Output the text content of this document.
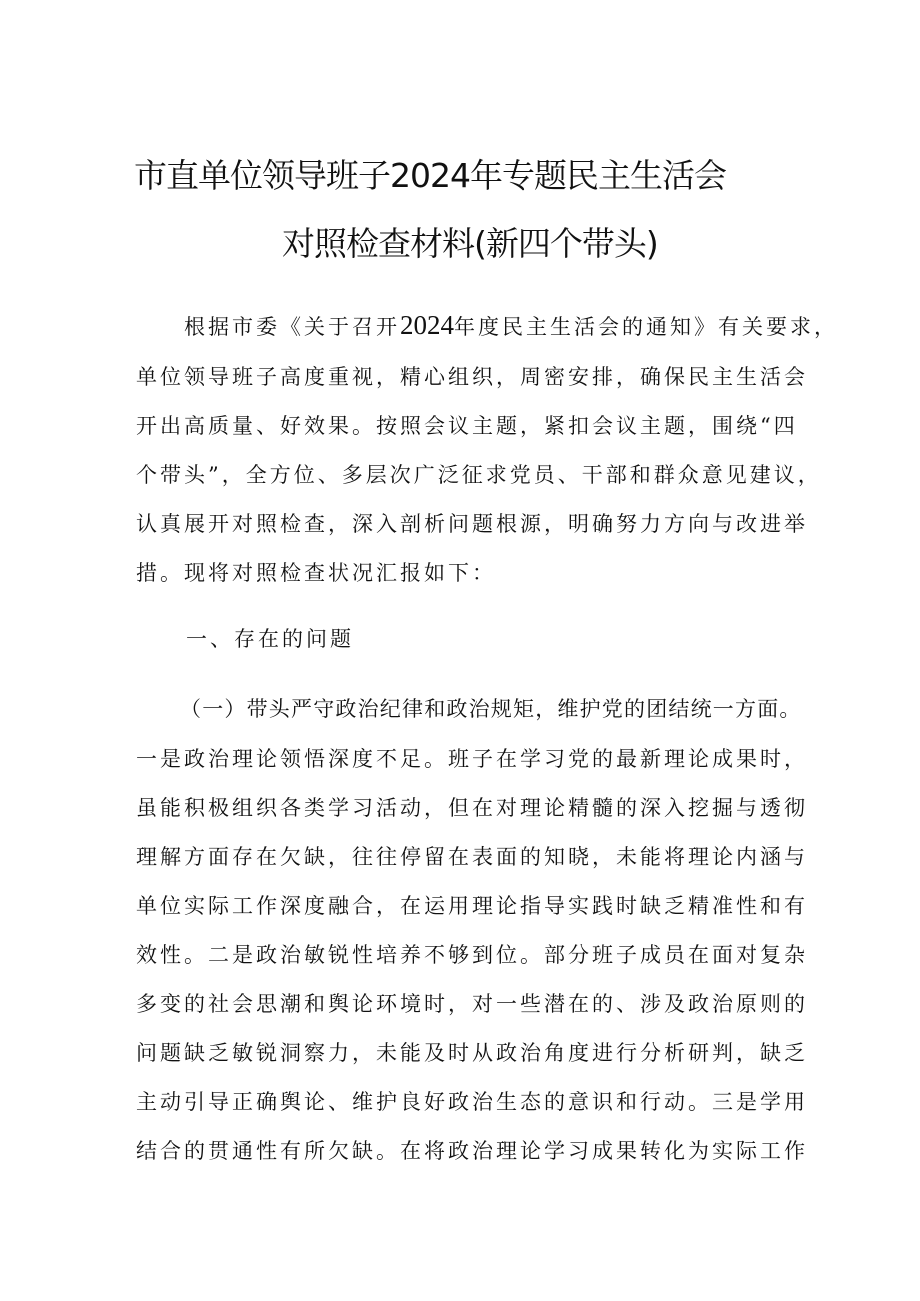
市直单位领导班子2024年专题民主生活会
对照检查材料(新四个带头)
根据市委《关于召开2024年度民主生活会的通知》有关要求，
单位领导班子高度重视，精心组织，周密安排，确保民主生活会
开出高质量、好效果。按照会议主题，紧扣会议主题，围绕“四
个带头”，全方位、多层次广泛征求党员、干部和群众意见建议，
认真展开对照检查，深入剖析问题根源，明确努力方向与改进举
措。现将对照检查状况汇报如下：
一、存在的问题
（一）带头严守政治纪律和政治规矩，维护党的团结统一方面。
一是政治理论领悟深度不足。班子在学习党的最新理论成果时，
虽能积极组织各类学习活动，但在对理论精髓的深入挖掘与透彻
理解方面存在欠缺，往往停留在表面的知晓，未能将理论内涵与
单位实际工作深度融合，在运用理论指导实践时缺乏精准性和有
效性。二是政治敏锐性培养不够到位。部分班子成员在面对复杂
多变的社会思潮和舆论环境时，对一些潜在的、涉及政治原则的
问题缺乏敏锐洞察力，未能及时从政治角度进行分析研判，缺乏
主动引导正确舆论、维护良好政治生态的意识和行动。三是学用
结合的贯通性有所欠缺。在将政治理论学习成果转化为实际工作
